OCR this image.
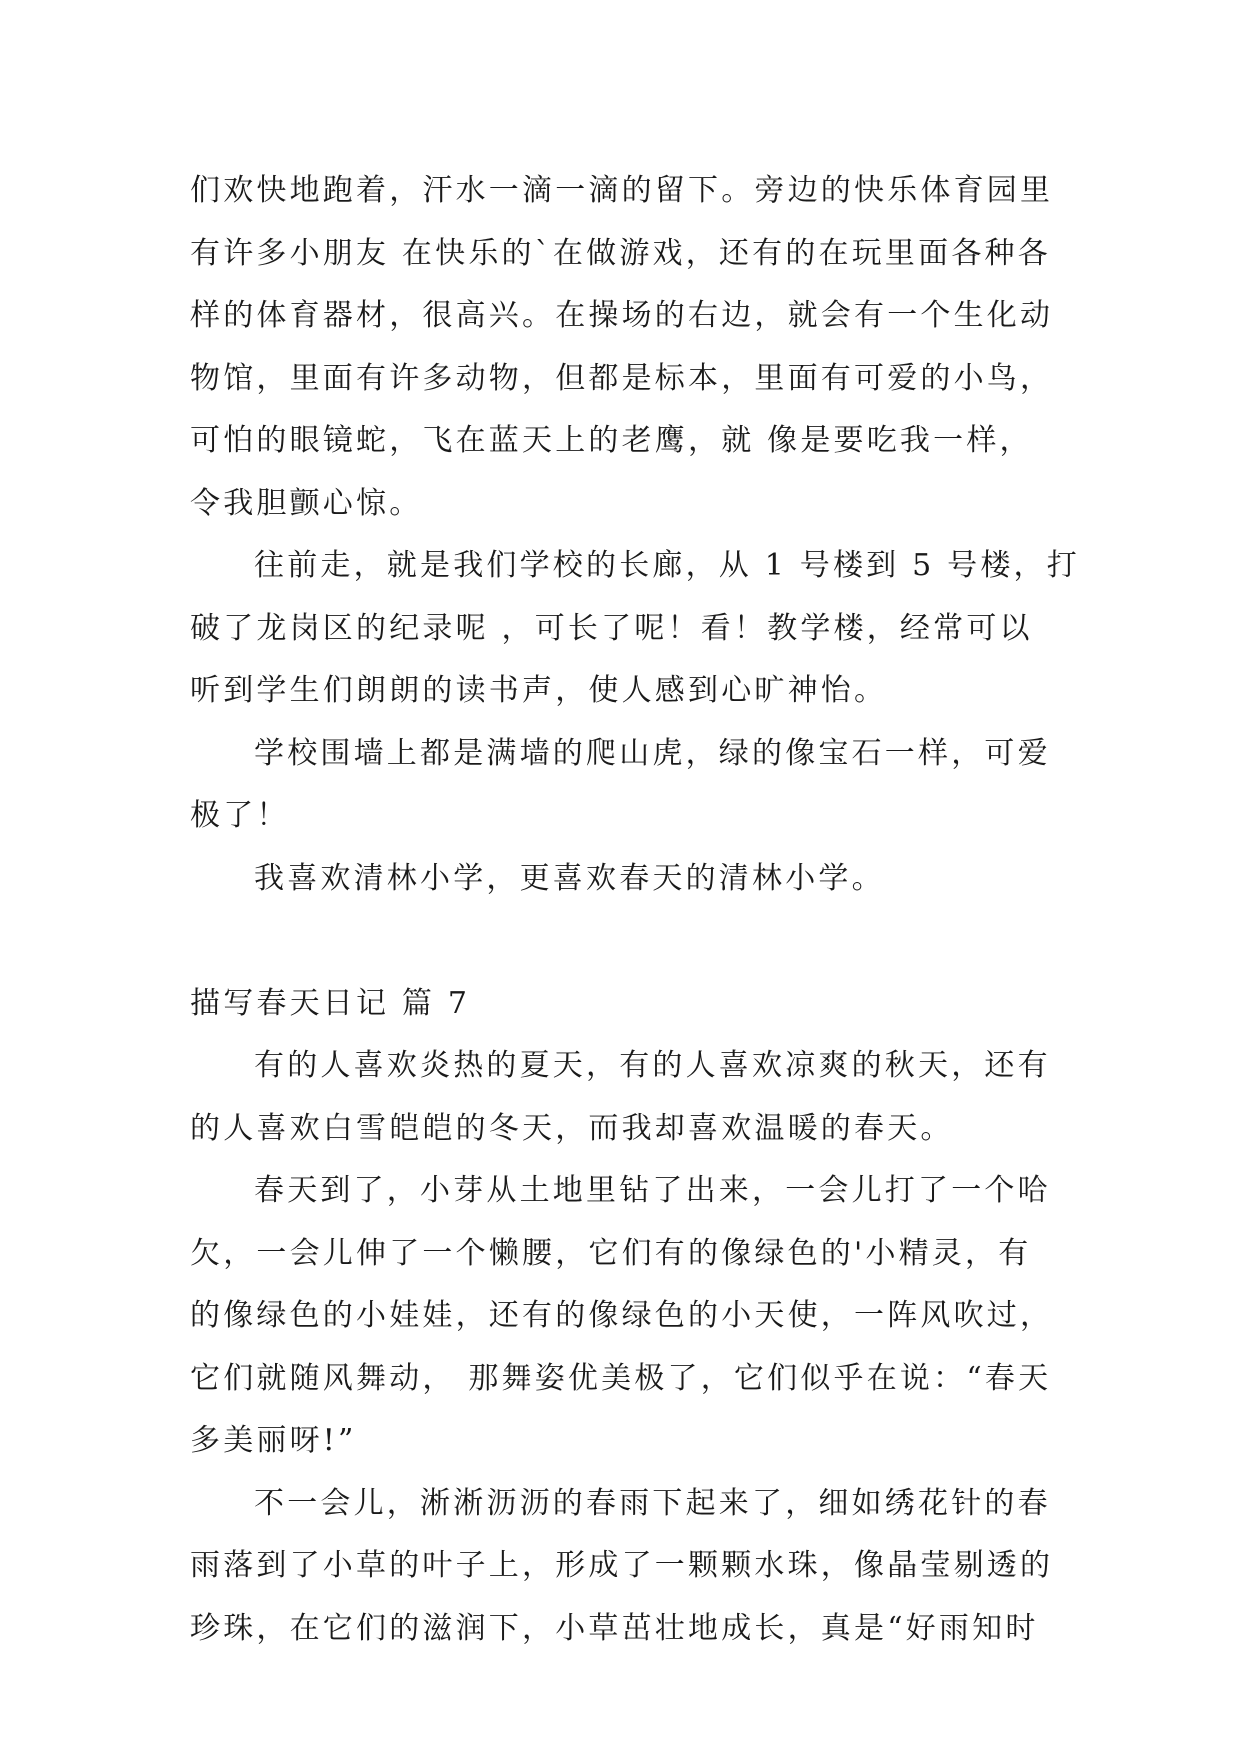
们欢快地跑着，汗水一滴一滴的留下。旁边的快乐体育园里
有许多小朋友 在快乐的`在做游戏，还有的在玩里面各种各
样的体育器材，很高兴。在操场的右边，就会有一个生化动
物馆，里面有许多动物，但都是标本，里面有可爱的小鸟，
可怕的眼镜蛇，飞在蓝天上的老鹰，就 像是要吃我一样，
令我胆颤心惊。
往前走，就是我们学校的长廊，从 1 号楼到 5 号楼，打
破了龙岗区的纪录呢 ，可长了呢！看！教学楼，经常可以
听到学生们朗朗的读书声，使人感到心旷神怡。
学校围墙上都是满墙的爬山虎，绿的像宝石一样，可爱
极了！
我喜欢清林小学，更喜欢春天的清林小学。
描写春天日记 篇 7
有的人喜欢炎热的夏天，有的人喜欢凉爽的秋天，还有
的人喜欢白雪皑皑的冬天，而我却喜欢温暖的春天。
春天到了，小芽从土地里钻了出来，一会儿打了一个哈
欠，一会儿伸了一个懒腰，它们有的像绿色的'小精灵，有
的像绿色的小娃娃，还有的像绿色的小天使，一阵风吹过，
它们就随风舞动， 那舞姿优美极了，它们似乎在说：“春天
多美丽呀!”
不一会儿，淅淅沥沥的春雨下起来了，细如绣花针的春
雨落到了小草的叶子上，形成了一颗颗水珠，像晶莹剔透的
珍珠，在它们的滋润下，小草茁壮地成长，真是“好雨知时
